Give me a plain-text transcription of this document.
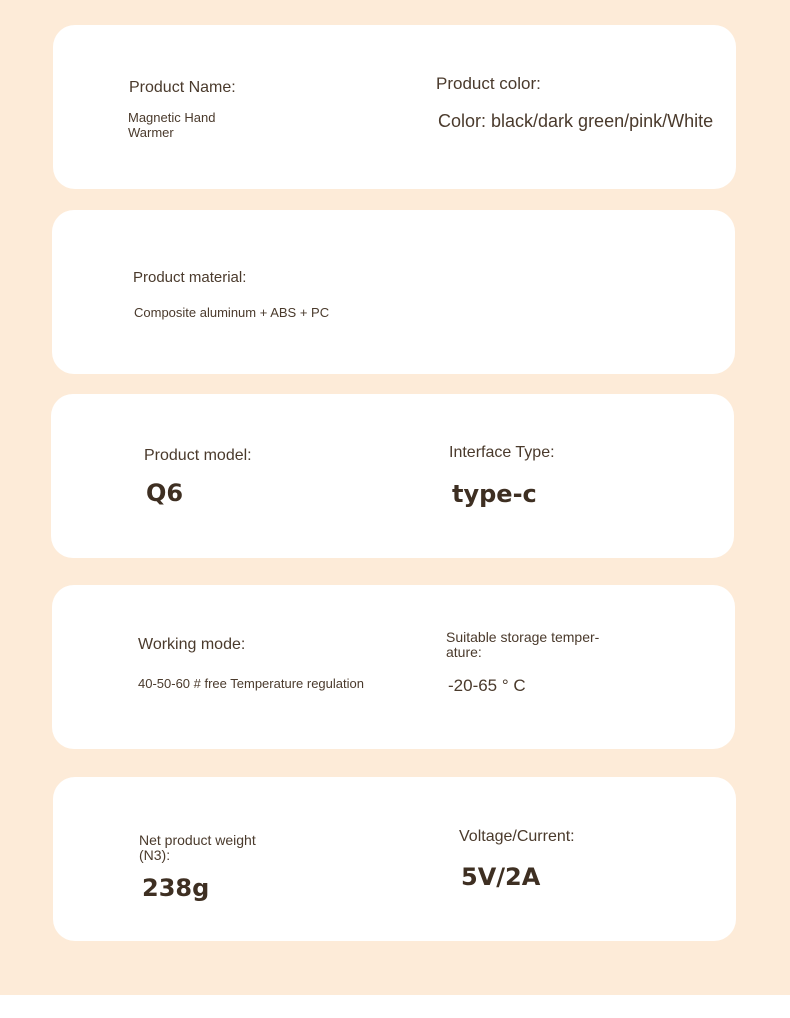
Product Name:
Magnetic Hand Warmer
Product color:
Color: black/dark green/pink/White
Product material:
Composite aluminum + ABS + PC
Product model:
Q6
Interface Type:
type-c
Working mode:
40-50-60 # free Temperature regulation
Suitable storage temper-ature:
-20-65 ° C
Net product weight (N3):
238g
Voltage/Current:
5V/2A
